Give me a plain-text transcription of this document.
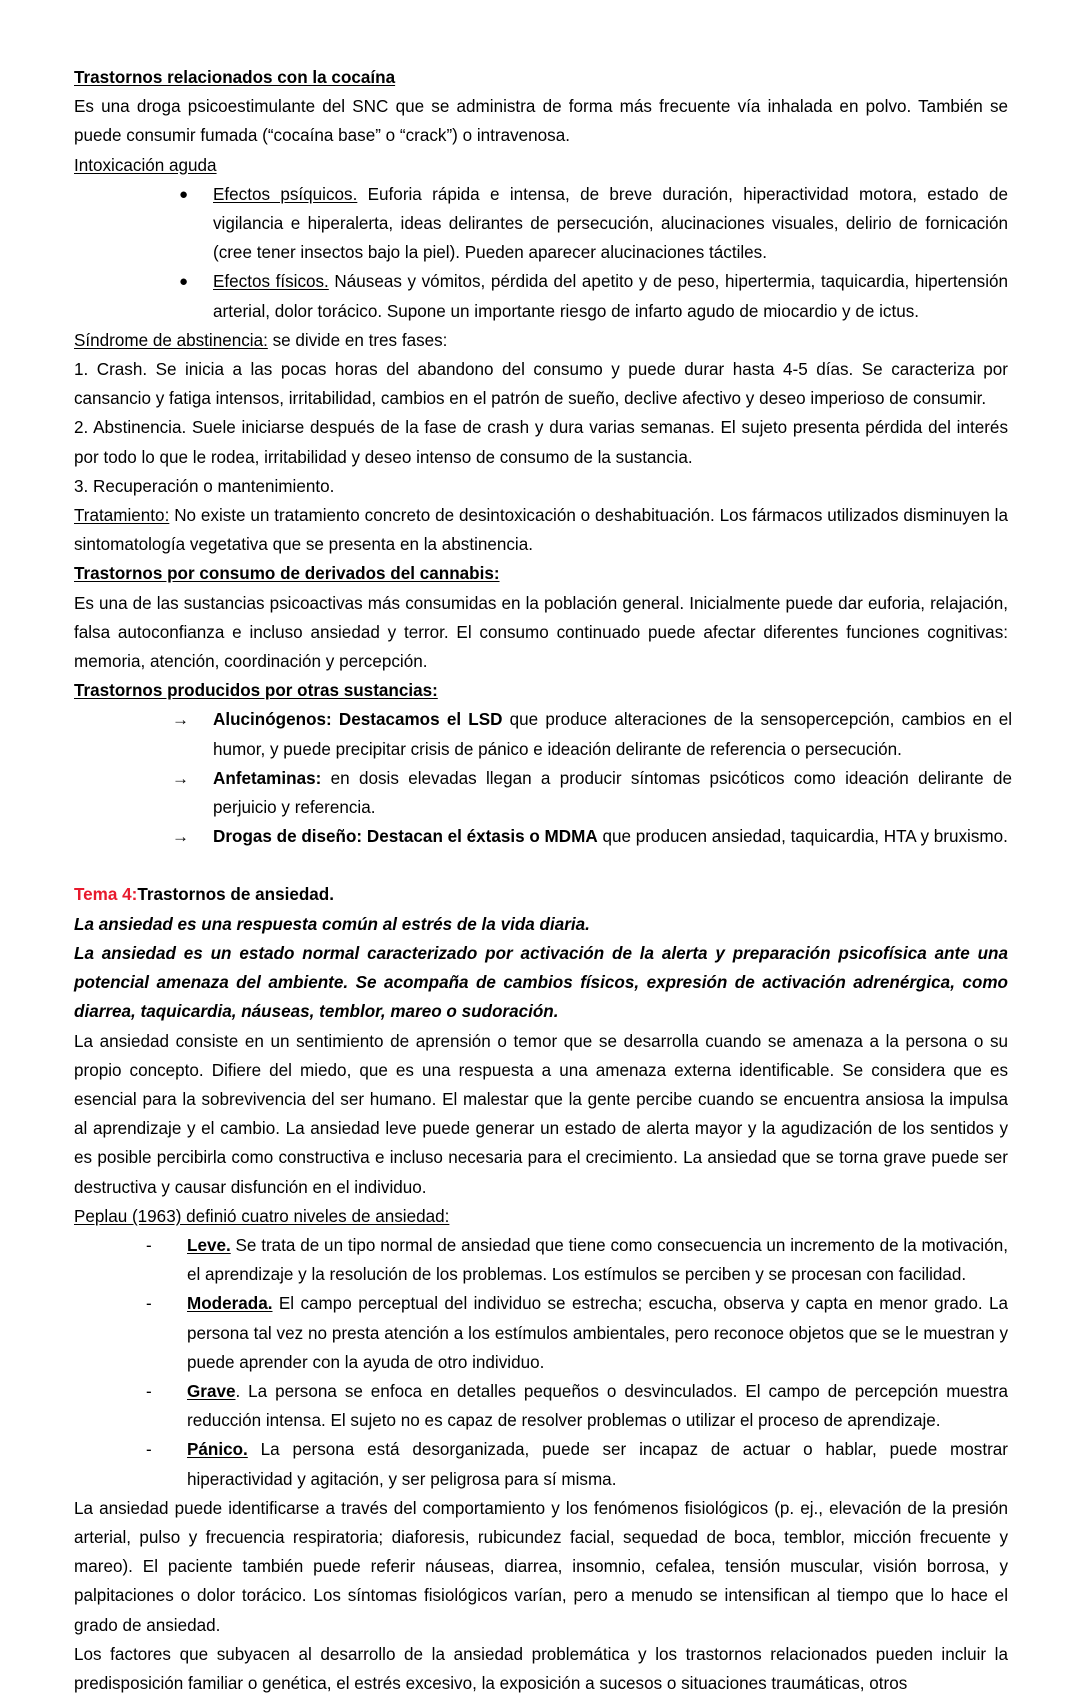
Trastornos relacionados con la cocaína

Es una droga psicoestimulante del SNC que se administra de forma más frecuente vía inhalada en polvo. También se puede consumir fumada (“cocaína base” o “crack”) o intravenosa.

Intoxicación aguda

● Efectos psíquicos. Euforia rápida e intensa, de breve duración, hiperactividad motora, estado de vigilancia e hiperalerta, ideas delirantes de persecución, alucinaciones visuales, delirio de fornicación (cree tener insectos bajo la piel). Pueden aparecer alucinaciones táctiles.
● Efectos físicos. Náuseas y vómitos, pérdida del apetito y de peso, hipertermia, taquicardia, hipertensión arterial, dolor torácico. Supone un importante riesgo de infarto agudo de miocardio y de ictus.

Síndrome de abstinencia: se divide en tres fases:

1. Crash. Se inicia a las pocas horas del abandono del consumo y puede durar hasta 4-5 días. Se caracteriza por cansancio y fatiga intensos, irritabilidad, cambios en el patrón de sueño, declive afectivo y deseo imperioso de consumir.

2. Abstinencia. Suele iniciarse después de la fase de crash y dura varias semanas. El sujeto presenta pérdida del interés por todo lo que le rodea, irritabilidad y deseo intenso de consumo de la sustancia.

3. Recuperación o mantenimiento.

Tratamiento: No existe un tratamiento concreto de desintoxicación o deshabituación. Los fármacos utilizados disminuyen la sintomatología vegetativa que se presenta en la abstinencia.

Trastornos por consumo de derivados del cannabis:

Es una de las sustancias psicoactivas más consumidas en la población general. Inicialmente puede dar euforia, relajación, falsa autoconfianza e incluso ansiedad y terror. El consumo continuado puede afectar diferentes funciones cognitivas: memoria, atención, coordinación y percepción.

Trastornos producidos por otras sustancias:

→ Alucinógenos: Destacamos el LSD que produce alteraciones de la sensopercepción, cambios en el humor, y puede precipitar crisis de pánico e ideación delirante de referencia o persecución.
→ Anfetaminas: en dosis elevadas llegan a producir síntomas psicóticos como ideación delirante de perjuicio y referencia.
→ Drogas de diseño: Destacan el éxtasis o MDMA que producen ansiedad, taquicardia, HTA y bruxismo.

Tema 4:Trastornos de ansiedad.

La ansiedad es una respuesta común al estrés de la vida diaria.

La ansiedad es un estado normal caracterizado por activación de la alerta y preparación psicofísica ante una potencial amenaza del ambiente. Se acompaña de cambios físicos, expresión de activación adrenérgica, como diarrea, taquicardia, náuseas, temblor, mareo o sudoración.

La ansiedad consiste en un sentimiento de aprensión o temor que se desarrolla cuando se amenaza a la persona o su propio concepto. Difiere del miedo, que es una respuesta a una amenaza externa identificable. Se considera que es esencial para la sobrevivencia del ser humano. El malestar que la gente percibe cuando se encuentra ansiosa la impulsa al aprendizaje y el cambio. La ansiedad leve puede generar un estado de alerta mayor y la agudización de los sentidos y es posible percibirla como constructiva e incluso necesaria para el crecimiento. La ansiedad que se torna grave puede ser destructiva y causar disfunción en el individuo.

Peplau (1963) definió cuatro niveles de ansiedad:

- Leve. Se trata de un tipo normal de ansiedad que tiene como consecuencia un incremento de la motivación, el aprendizaje y la resolución de los problemas. Los estímulos se perciben y se procesan con facilidad.
- Moderada. El campo perceptual del individuo se estrecha; escucha, observa y capta en menor grado. La persona tal vez no presta atención a los estímulos ambientales, pero reconoce objetos que se le muestran y puede aprender con la ayuda de otro individuo.
- Grave. La persona se enfoca en detalles pequeños o desvinculados. El campo de percepción muestra reducción intensa. El sujeto no es capaz de resolver problemas o utilizar el proceso de aprendizaje.
- Pánico. La persona está desorganizada, puede ser incapaz de actuar o hablar, puede mostrar hiperactividad y agitación, y ser peligrosa para sí misma.

La ansiedad puede identificarse a través del comportamiento y los fenómenos fisiológicos (p. ej., elevación de la presión arterial, pulso y frecuencia respiratoria; diaforesis, rubicundez facial, sequedad de boca, temblor, micción frecuente y mareo). El paciente también puede referir náuseas, diarrea, insomnio, cefalea, tensión muscular, visión borrosa, y palpitaciones o dolor torácico. Los síntomas fisiológicos varían, pero a menudo se intensifican al tiempo que lo hace el grado de ansiedad.

Los factores que subyacen al desarrollo de la ansiedad problemática y los trastornos relacionados pueden incluir la predisposición familiar o genética, el estrés excesivo, la exposición a sucesos o situaciones traumáticas, otros
